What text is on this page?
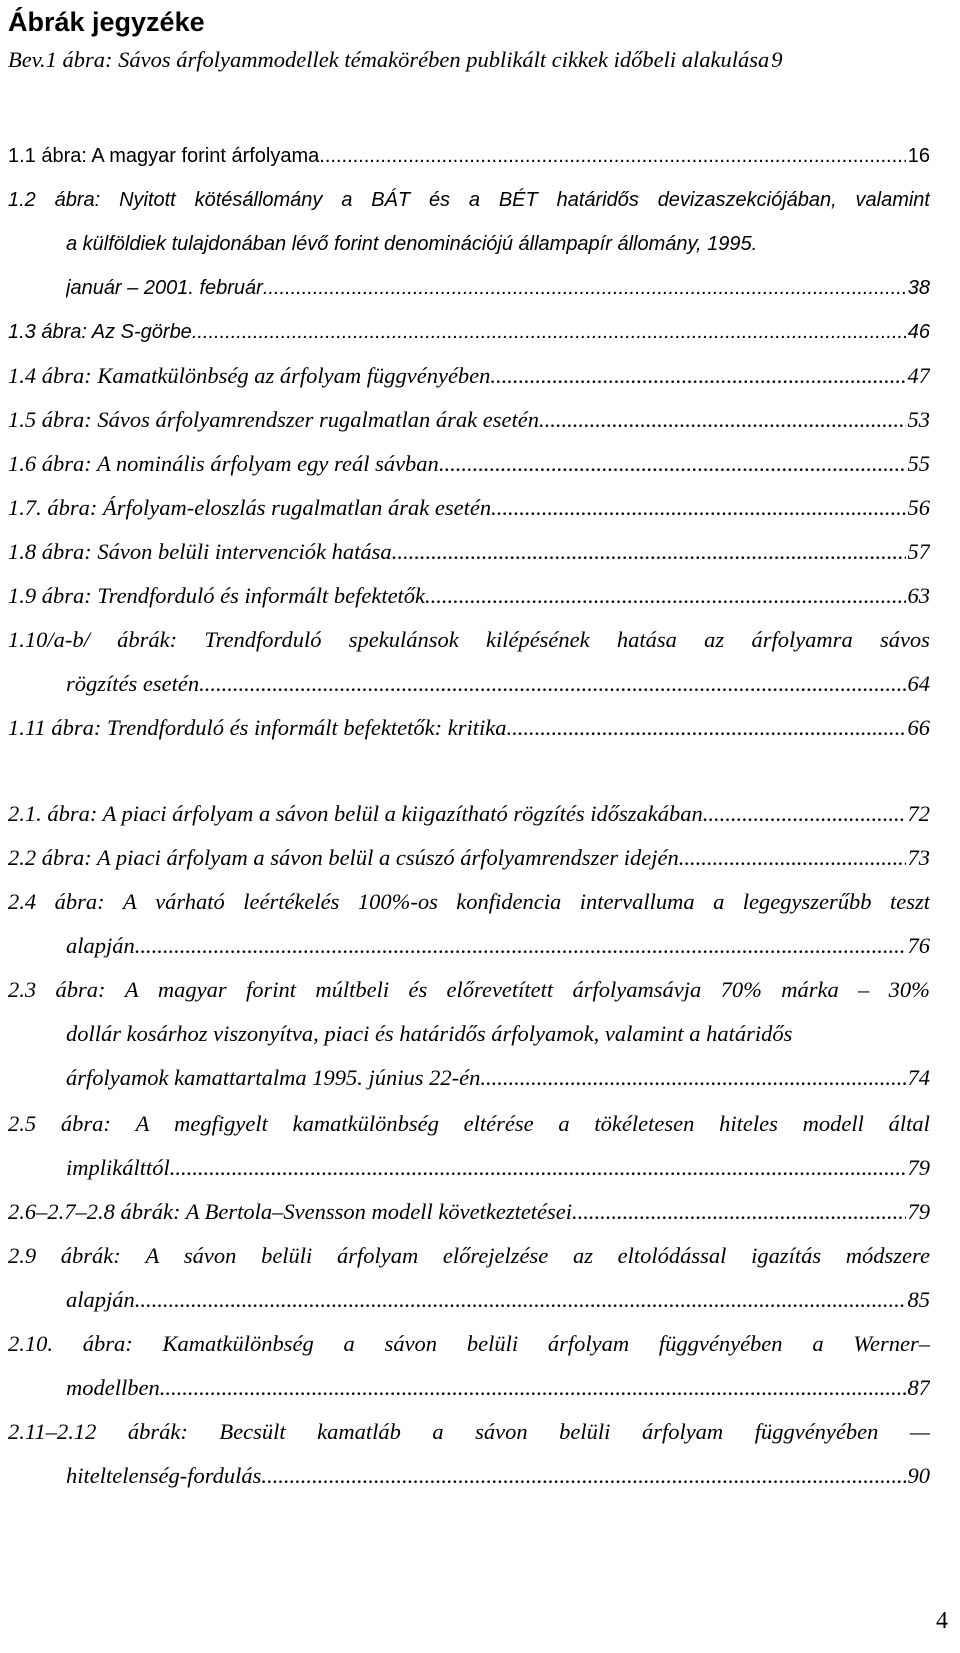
Ábrák jegyzéke
Bev.1 ábra: Sávos árfolyammodellek témakörében publikált cikkek időbeli alakulása 9
1.1 ábra: A magyar forint árfolyama .....	16
1.2 ábra: Nyitott kötésállomány a BÁT és a BÉT határidős devizaszekciójában, valamint
a külföldiek tulajdonában lévő forint denominációjú állampapír állomány, 1995.
január – 2001. február .....	38
1.3 ábra: Az S-görbe .....	46
1.4 ábra: Kamatkülönbség az árfolyam függvényében .....	47
1.5 ábra: Sávos árfolyamrendszer rugalmatlan árak esetén .....	53
1.6 ábra: A nominális árfolyam egy reál sávban .....	55
1.7. ábra: Árfolyam-eloszlás rugalmatlan árak esetén .....	56
1.8 ábra: Sávon belüli intervenciók hatása .....	57
1.9 ábra: Trendforduló és informált befektetők .....	63
1.10/a-b/ ábrák: Trendforduló spekulánsok kilépésének hatása az árfolyamra sávos
rögzítés esetén .....	64
1.11 ábra: Trendforduló és informált befektetők: kritika .....	66
2.1. ábra: A piaci árfolyam a sávon belül a kiigazítható rögzítés időszakában .....	72
2.2 ábra: A piaci árfolyam a sávon belül a csúszó árfolyamrendszer idején .....	73
2.4 ábra: A várható leértékelés 100%-os konfidencia intervalluma a legegyszerűbb teszt
alapján .....	76
2.3 ábra: A magyar forint múltbeli és előrevetített árfolyamsávja 70% márka – 30%
dollár kosárhoz viszonyítva, piaci és határidős árfolyamok, valamint a határidős
árfolyamok kamattartalma 1995. június 22-én .....	74
2.5 ábra: A megfigyelt kamatkülönbség eltérése a tökéletesen hiteles modell által
implikálttól .....	79
2.6–2.7–2.8 ábrák: A Bertola–Svensson modell következtetései .....	79
2.9 ábrák: A sávon belüli árfolyam előrejelzése az eltolódással igazítás módszere
alapján .....	85
2.10. ábra: Kamatkülönbség a sávon belüli árfolyam függvényében a Werner–
modellben .....	87
2.11–2.12 ábrák: Becsült kamatláb a sávon belüli árfolyam függvényében —
hiteltelenség-fordulás .....	90
4
